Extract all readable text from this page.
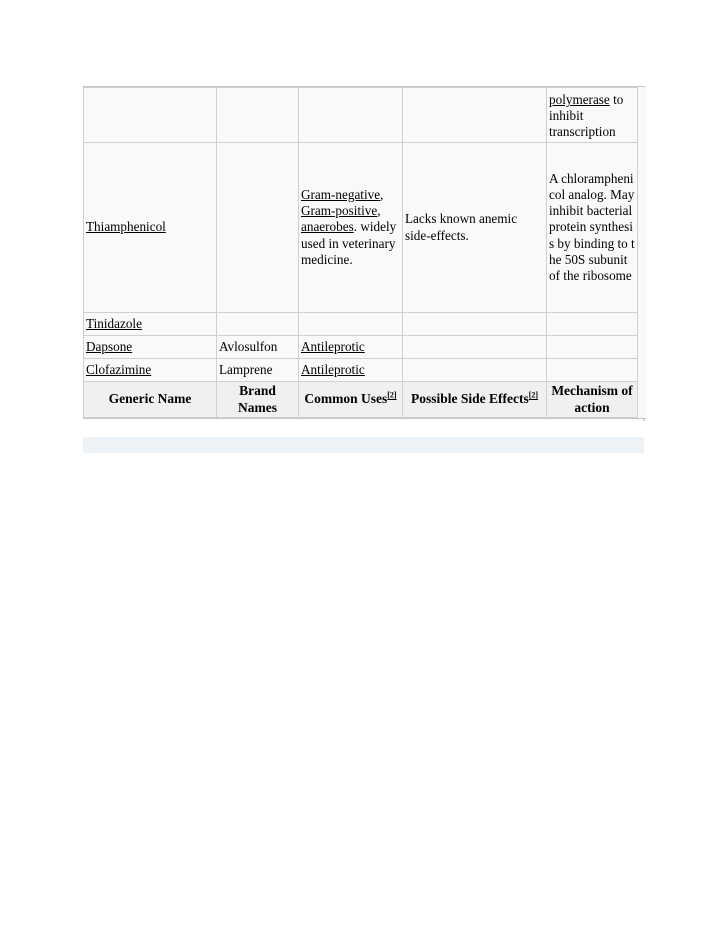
				polymerase to inhibit transcription
Thiamphenicol		Gram-negative, Gram-positive, anaerobes. widely used in veterinary medicine.	Lacks known anemic side-effects.	A chloramphenicol analog. May inhibit bacterial protein synthesis by binding to the 50S subunit of the ribosome
Tinidazole				
Dapsone	Avlosulfon	Antileprotic		
Clofazimine	Lamprene	Antileprotic		
Generic Name	Brand Names	Common Uses[2]	Possible Side Effects[2]	Mechanism of action
